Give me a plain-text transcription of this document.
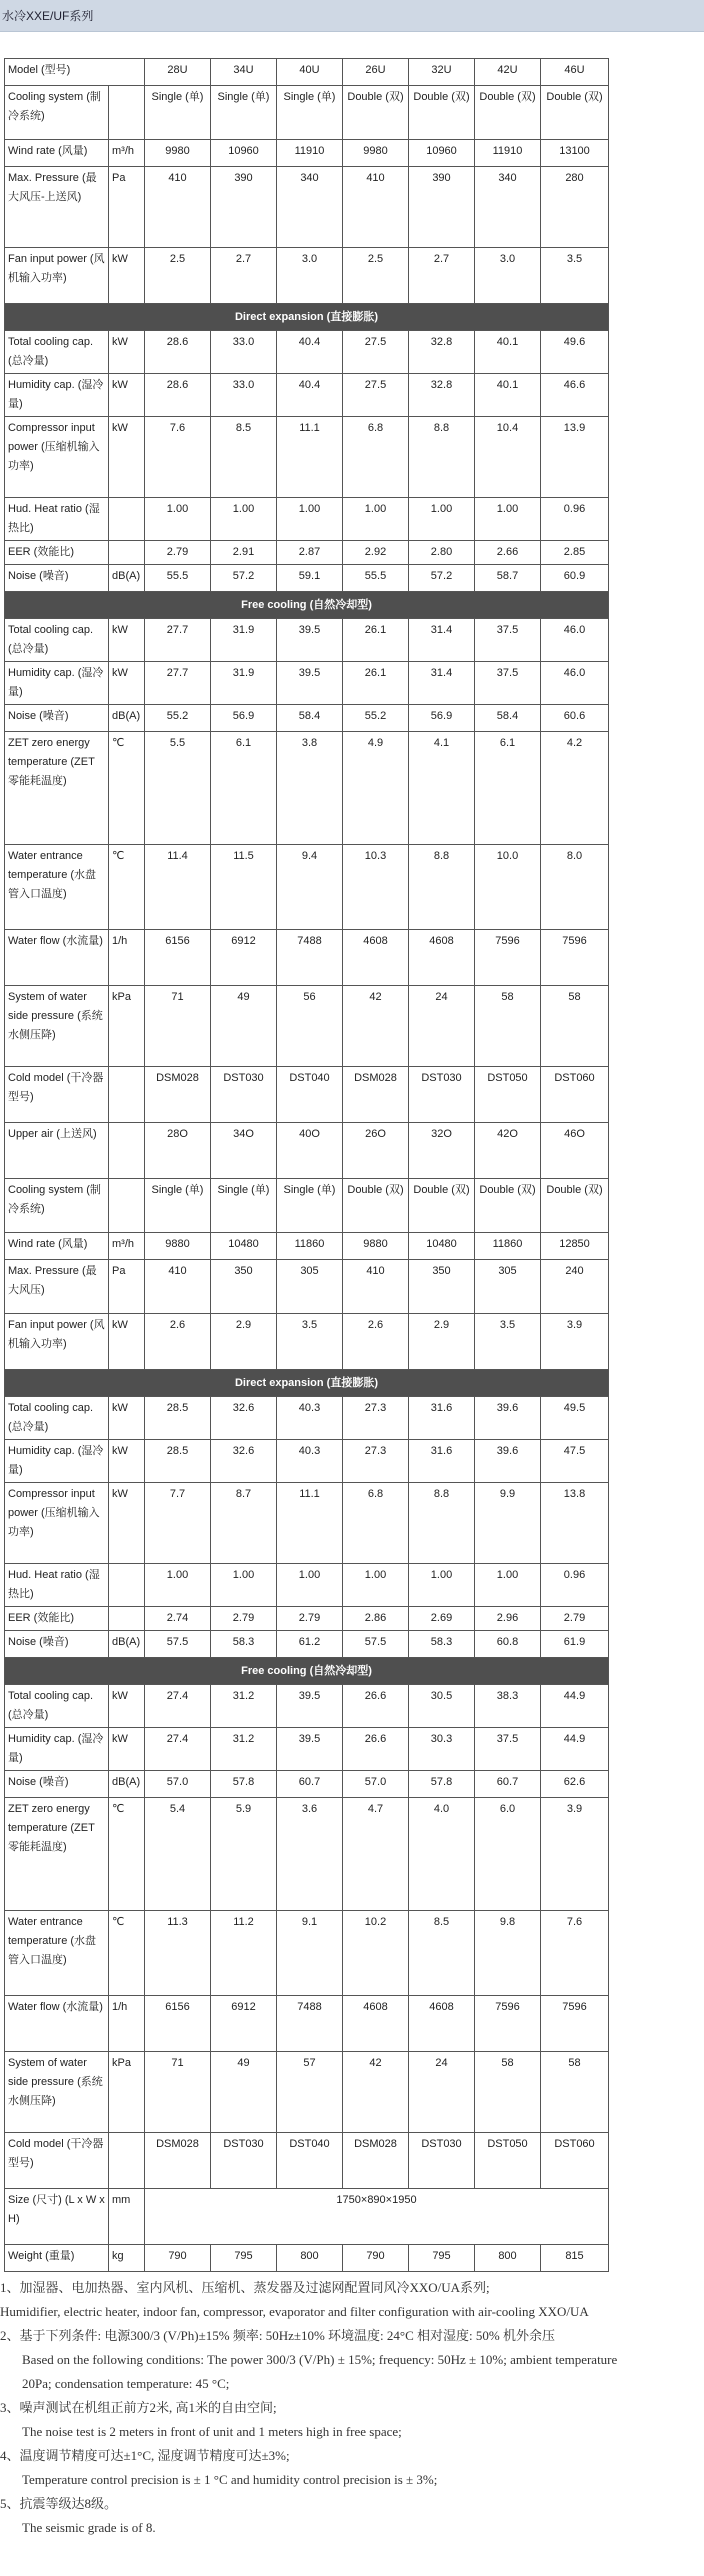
水冷XXE/UF系列
Model (型号)		28U	34U	40U	26U	32U	42U	46U
Cooling system (制冷系统)		Single (单)	Single (单)	Single (单)	Double (双)	Double (双)	Double (双)	Double (双)
Wind rate (风量)	m³/h	9980	10960	11910	9980	10960	11910	13100
Max. Pressure (最大风压-上送风)	Pa	410	390	340	410	390	340	280
Fan input power (风机输入功率)	kW	2.5	2.7	3.0	2.5	2.7	3.0	3.5
Direct expansion (直接膨胀)								
Total cooling cap. (总冷量)	kW	28.6	33.0	40.4	27.5	32.8	40.1	49.6
Humidity cap. (湿冷量)	kW	28.6	33.0	40.4	27.5	32.8	40.1	46.6
Compressor input power (压缩机输入功率)	kW	7.6	8.5	11.1	6.8	8.8	10.4	13.9
Hud. Heat ratio (湿热比)		1.00	1.00	1.00	1.00	1.00	1.00	0.96
EER (效能比)		2.79	2.91	2.87	2.92	2.80	2.66	2.85
Noise (噪音)	dB(A)	55.5	57.2	59.1	55.5	57.2	58.7	60.9
Free cooling (自然冷却型)								
Total cooling cap. (总冷量)	kW	27.7	31.9	39.5	26.1	31.4	37.5	46.0
Humidity cap. (湿冷量)	kW	27.7	31.9	39.5	26.1	31.4	37.5	46.0
Noise (噪音)	dB(A)	55.2	56.9	58.4	55.2	56.9	58.4	60.6
ZET zero energy temperature (ZET零能耗温度)	℃	5.5	6.1	3.8	4.9	4.1	6.1	4.2
Water entrance temperature (水盘管入口温度)	℃	11.4	11.5	9.4	10.3	8.8	10.0	8.0
Water flow (水流量)	1/h	6156	6912	7488	4608	4608	7596	7596
System of water side pressure (系统水侧压降)	kPa	71	49	56	42	24	58	58
Cold model (干冷器型号)		DSM028	DST030	DST040	DSM028	DST030	DST050	DST060
Upper air (上送风)		28O	34O	40O	26O	32O	42O	46O
Cooling system (制冷系统)		Single (单)	Single (单)	Single (单)	Double (双)	Double (双)	Double (双)	Double (双)
Wind rate (风量)	m³/h	9880	10480	11860	9880	10480	11860	12850
Max. Pressure (最大风压)	Pa	410	350	305	410	350	305	240
Fan input power (风机输入功率)	kW	2.6	2.9	3.5	2.6	2.9	3.5	3.9
Direct expansion (直接膨胀)								
Total cooling cap. (总冷量)	kW	28.5	32.6	40.3	27.3	31.6	39.6	49.5
Humidity cap. (湿冷量)	kW	28.5	32.6	40.3	27.3	31.6	39.6	47.5
Compressor input power (压缩机输入功率)	kW	7.7	8.7	11.1	6.8	8.8	9.9	13.8
Hud. Heat ratio (湿热比)		1.00	1.00	1.00	1.00	1.00	1.00	0.96
EER (效能比)		2.74	2.79	2.79	2.86	2.69	2.96	2.79
Noise (噪音)	dB(A)	57.5	58.3	61.2	57.5	58.3	60.8	61.9
Free cooling (自然冷却型)								
Total cooling cap. (总冷量)	kW	27.4	31.2	39.5	26.6	30.5	38.3	44.9
Humidity cap. (湿冷量)	kW	27.4	31.2	39.5	26.6	30.3	37.5	44.9
Noise (噪音)	dB(A)	57.0	57.8	60.7	57.0	57.8	60.7	62.6
ZET zero energy temperature (ZET零能耗温度)	℃	5.4	5.9	3.6	4.7	4.0	6.0	3.9
Water entrance temperature (水盘管入口温度)	℃	11.3	11.2	9.1	10.2	8.5	9.8	7.6
Water flow (水流量)	1/h	6156	6912	7488	4608	4608	7596	7596
System of water side pressure (系统水侧压降)	kPa	71	49	57	42	24	58	58
Cold model (干冷器型号)		DSM028	DST030	DST040	DSM028	DST030	DST050	DST060
Size (尺寸) (L x W x H)	mm	1750×890×1950						
Weight (重量)	kg	790	795	800	790	795	800	815

1、加湿器、电加热器、室内风机、压缩机、蒸发器及过滤网配置同风冷XXO/UA系列;

Humidifier, electric heater, indoor fan, compressor, evaporator and filter configuration with air-cooling XXO/UA

2、基于下列条件: 电源300/3 (V/Ph)±15% 频率: 50Hz±10% 环境温度: 24°C 相对湿度: 50% 机外余压

Based on the following conditions: The power 300/3 (V/Ph) ± 15%; frequency: 50Hz ± 10%; ambient temperature

20Pa; condensation temperature: 45 °C;

3、噪声测试在机组正前方2米, 高1米的自由空间;

The noise test is 2 meters in front of unit and 1 meters high in free space;

4、温度调节精度可达±1°C, 湿度调节精度可达±3%;

Temperature control precision is ± 1 °C and humidity control precision is ± 3%;

5、抗震等级达8级。

The seismic grade is of 8.
